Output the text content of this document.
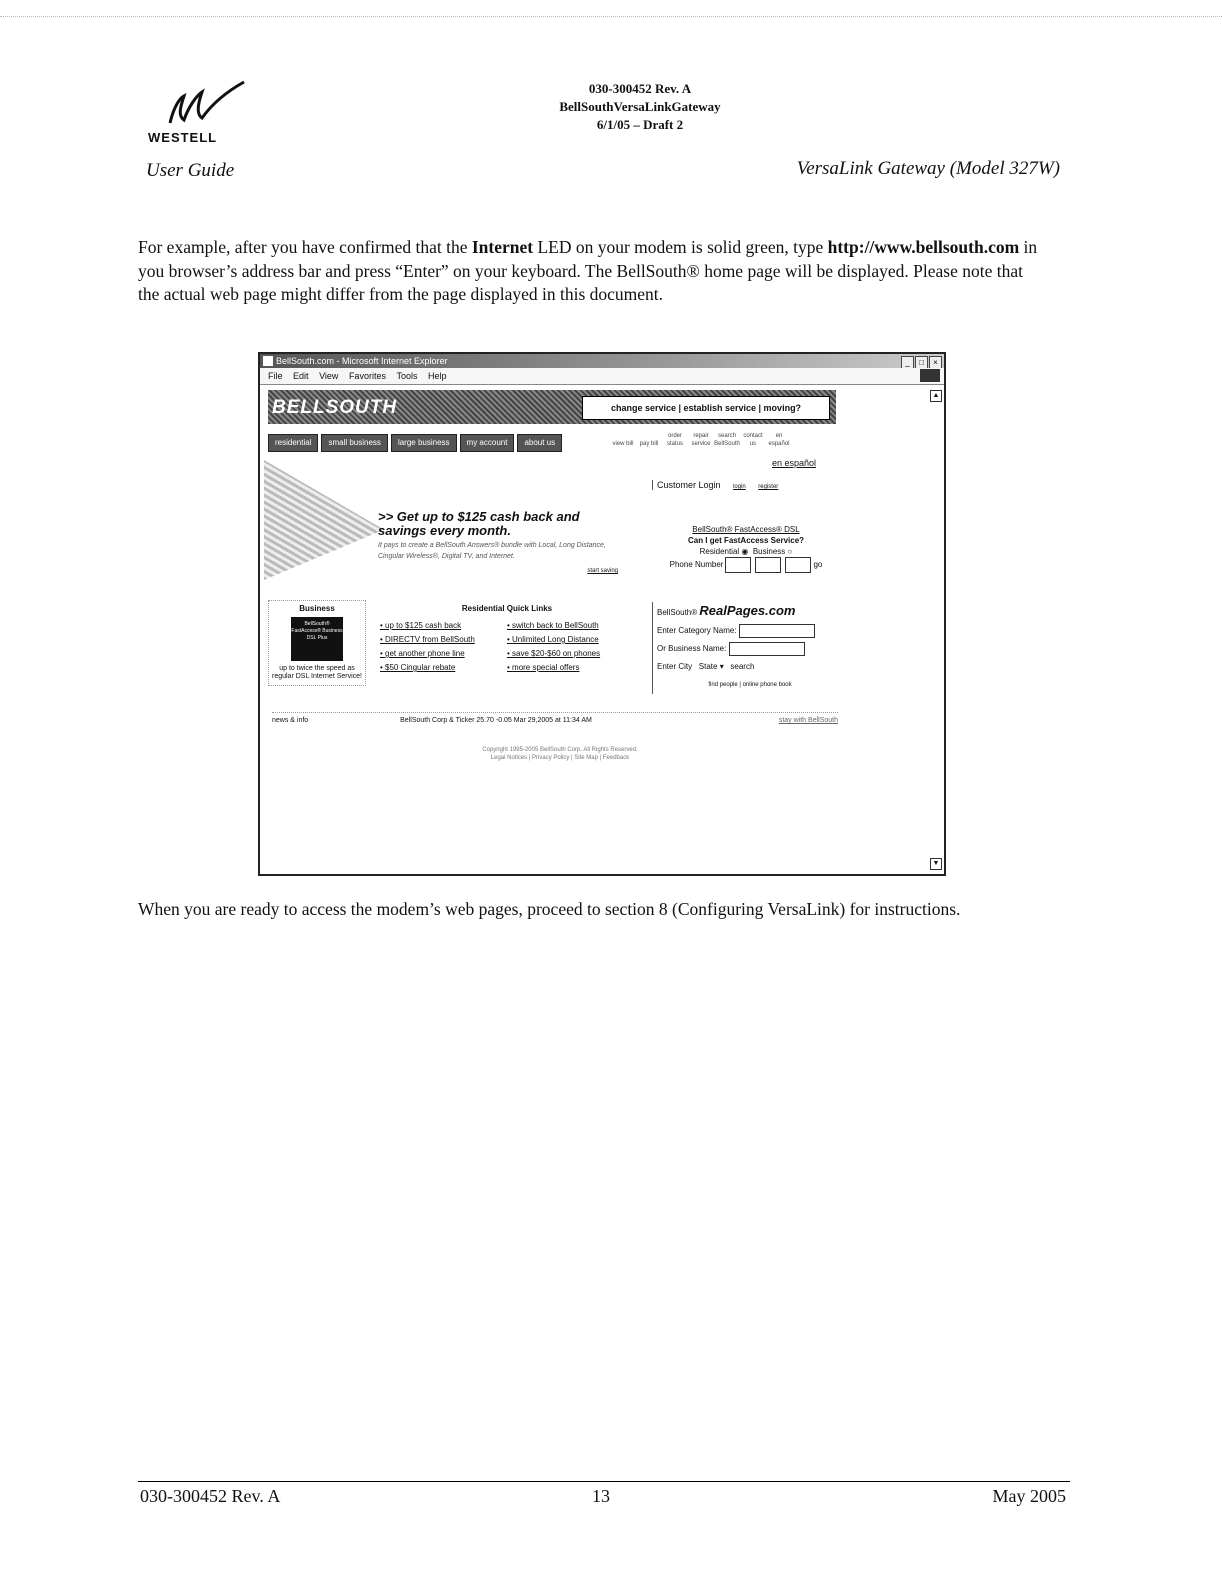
WESTELL
030-300452 Rev. A
BellSouthVersaLinkGateway
6/1/05 – Draft 2
User Guide	VersaLink Gateway (Model 327W)
For example, after you have confirmed that the Internet LED on your modem is solid green, type http://www.bellsouth.com in you browser’s address bar and press “Enter” on your keyboard. The BellSouth® home page will be displayed. Please note that the actual web page might differ from the page displayed in this document.
BellSouth.com - Microsoft Internet Explorer	_ □ ×
File Edit View Favorites Tools Help
▲
▼
BELLSOUTH	change service | establish service | moving?
residential small business large business my account about us	view bill pay billorder statusrepair servicesearch BellSouthcontact usen español
en español
>> Get up to $125 cash back and savings every month.
It pays to create a BellSouth Answers® bundle with Local, Long Distance, Cingular Wireless®, Digital TV, and Internet.
start saving
Customer Login login register
BellSouth® FastAccess® DSL
Can I get FastAccess Service?
Residential ◉  Business ○
Phone Number	go
Business
BellSouth® FastAccess® Business DSL Plus
up to twice the speed as regular DSL Internet Service!
Residential Quick Links
• up to $125 cash back	• switch back to BellSouth
• DIRECTV from BellSouth	• Unlimited Long Distance
• get another phone line	• save $20-$60 on phones
• $50 Cingular rebate	• more special offers
BellSouth® RealPages.com
Enter Category Name:
Or Business Name:
Enter City State ▾   search
find people | online phone book
news & info	BellSouth Corp & Ticker 25.70 -0.05 Mar 29,2005 at 11:34 AM	stay with BellSouth
Copyright 1995-2005 BellSouth Corp. All Rights Reserved.
Legal Notices | Privacy Policy | Site Map | Feedback
When you are ready to access the modem’s web pages, proceed to section 8 (Configuring VersaLink) for instructions.
030-300452 Rev. A	13	May 2005
